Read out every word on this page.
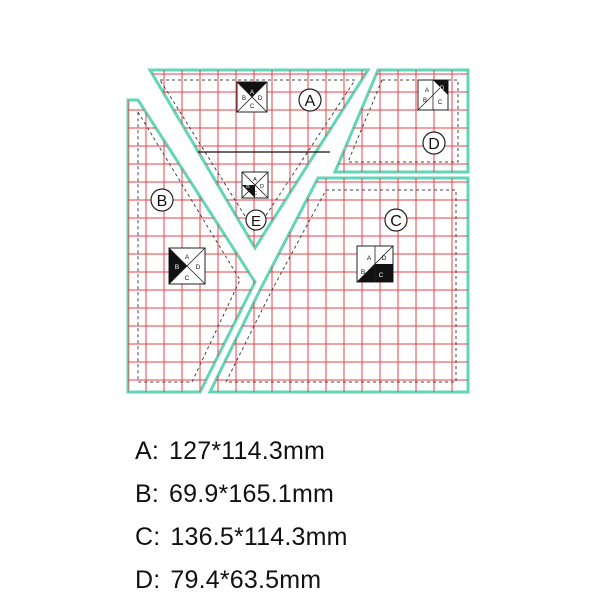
A
B D
C
A D
B C
A
B D
C
A
B	D
C
A
B
D
C
A
B
C
D
E
A: 127*114.3mm
B: 69.9*165.1mm
C: 136.5*114.3mm
D: 79.4*63.5mm
